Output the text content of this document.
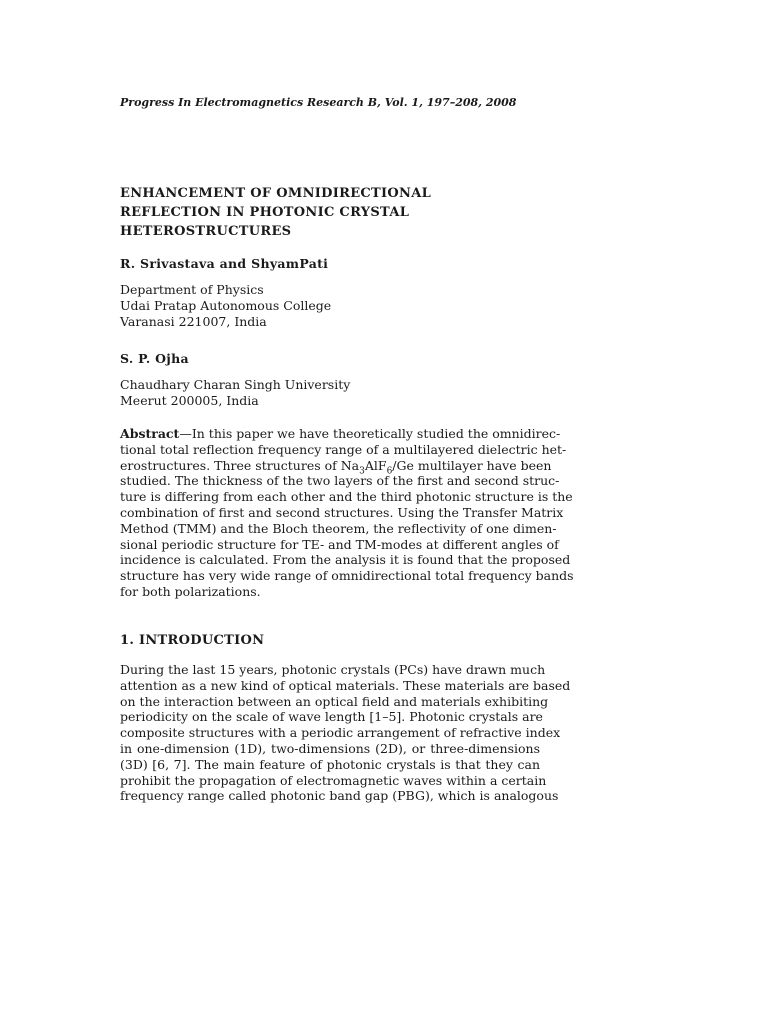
Progress In Electromagnetics Research B, Vol. 1, 197–208, 2008
ENHANCEMENT OF OMNIDIRECTIONAL
REFLECTION IN PHOTONIC CRYSTAL
HETEROSTRUCTURES
R. Srivastava and ShyamPati
Department of Physics
Udai Pratap Autonomous College
Varanasi 221007, India
S. P. Ojha
Chaudhary Charan Singh University
Meerut 200005, India
Abstract—In this paper we have theoretically studied the omnidirec-
tional total reflection frequency range of a multilayered dielectric het-
erostructures. Three structures of $Na_3AlF_6/Ge$ multilayer have been
studied. The thickness of the two layers of the first and second struc-
ture is differing from each other and the third photonic structure is the
combination of first and second structures. Using the Transfer Matrix
Method (TMM) and the Bloch theorem, the reflectivity of one dimen-
sional periodic structure for TE- and TM-modes at different angles of
incidence is calculated. From the analysis it is found that the proposed
structure has very wide range of omnidirectional total frequency bands
for both polarizations.
1. INTRODUCTION
During the last 15 years, photonic crystals (PCs) have drawn much
attention as a new kind of optical materials. These materials are based
on the interaction between an optical field and materials exhibiting
periodicity on the scale of wave length [1–5]. Photonic crystals are
composite structures with a periodic arrangement of refractive index
in one-dimension (1D), two-dimensions (2D), or three-dimensions
(3D) [6, 7]. The main feature of photonic crystals is that they can
prohibit the propagation of electromagnetic waves within a certain
frequency range called photonic band gap (PBG), which is analogous
